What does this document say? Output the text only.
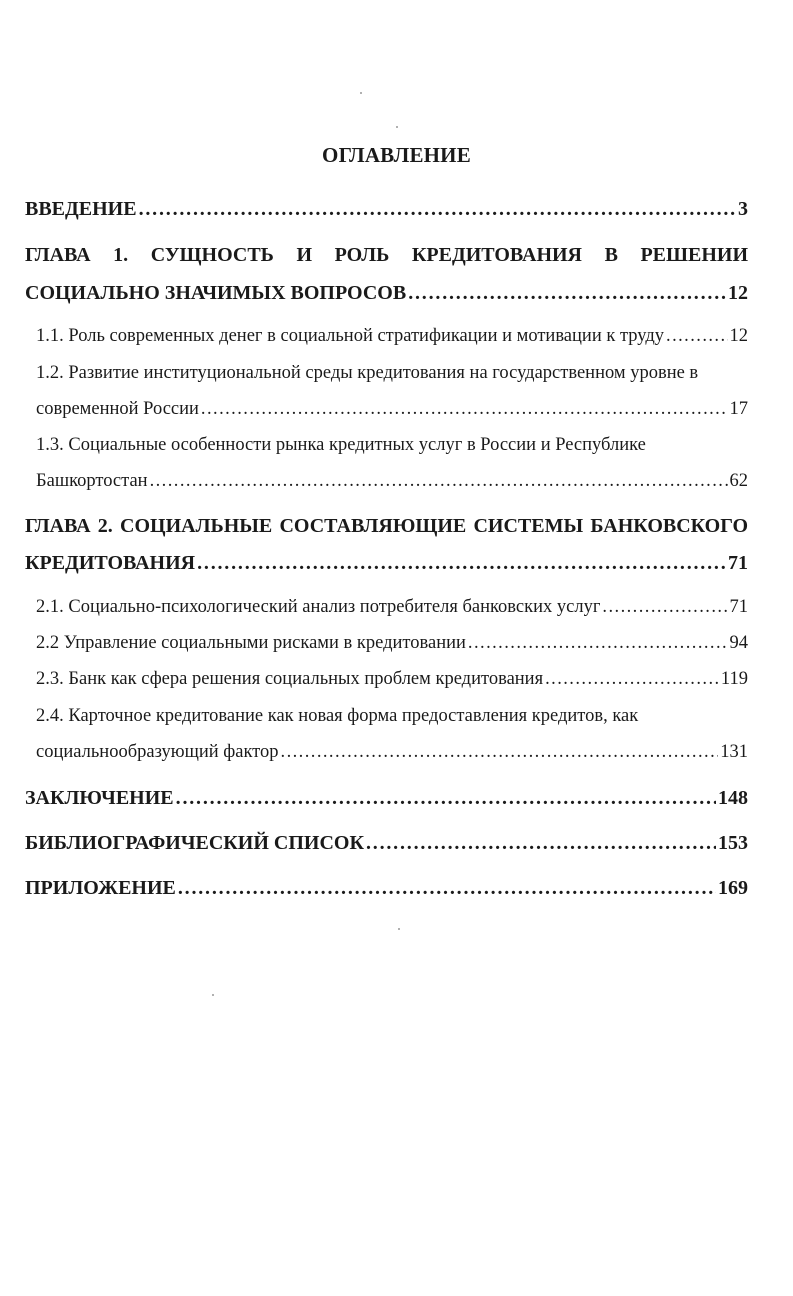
ОГЛАВЛЕНИЕ
ВВЕДЕНИЕ . . .	3
ГЛАВА 1. СУЩНОСТЬ И РОЛЬ КРЕДИТОВАНИЯ В РЕШЕНИИ
СОЦИАЛЬНО ЗНАЧИМЫХ ВОПРОСОВ . . .	12
1.1. Роль современных денег в социальной стратификации и мотивации к труду . . .	12
1.2. Развитие институциональной среды кредитования на государственном уровне в
современной России . . .	17
1.3. Социальные особенности рынка кредитных услуг в России и Республике
Башкортостан . . .	62
ГЛАВА 2. СОЦИАЛЬНЫЕ СОСТАВЛЯЮЩИЕ СИСТЕМЫ БАНКОВСКОГО
КРЕДИТОВАНИЯ . . .	71
2.1. Социально-психологический анализ потребителя банковских услуг . . .	71
2.2 Управление социальными рисками в кредитовании . . .	94
2.3. Банк как сфера решения социальных проблем кредитования . . .	119
2.4. Карточное кредитование как новая форма предоставления кредитов, как
социальнообразующий фактор . . .	131
ЗАКЛЮЧЕНИЕ . . .	148
БИБЛИОГРАФИЧЕСКИЙ СПИСОК . . .	153
ПРИЛОЖЕНИЕ . . .	169
